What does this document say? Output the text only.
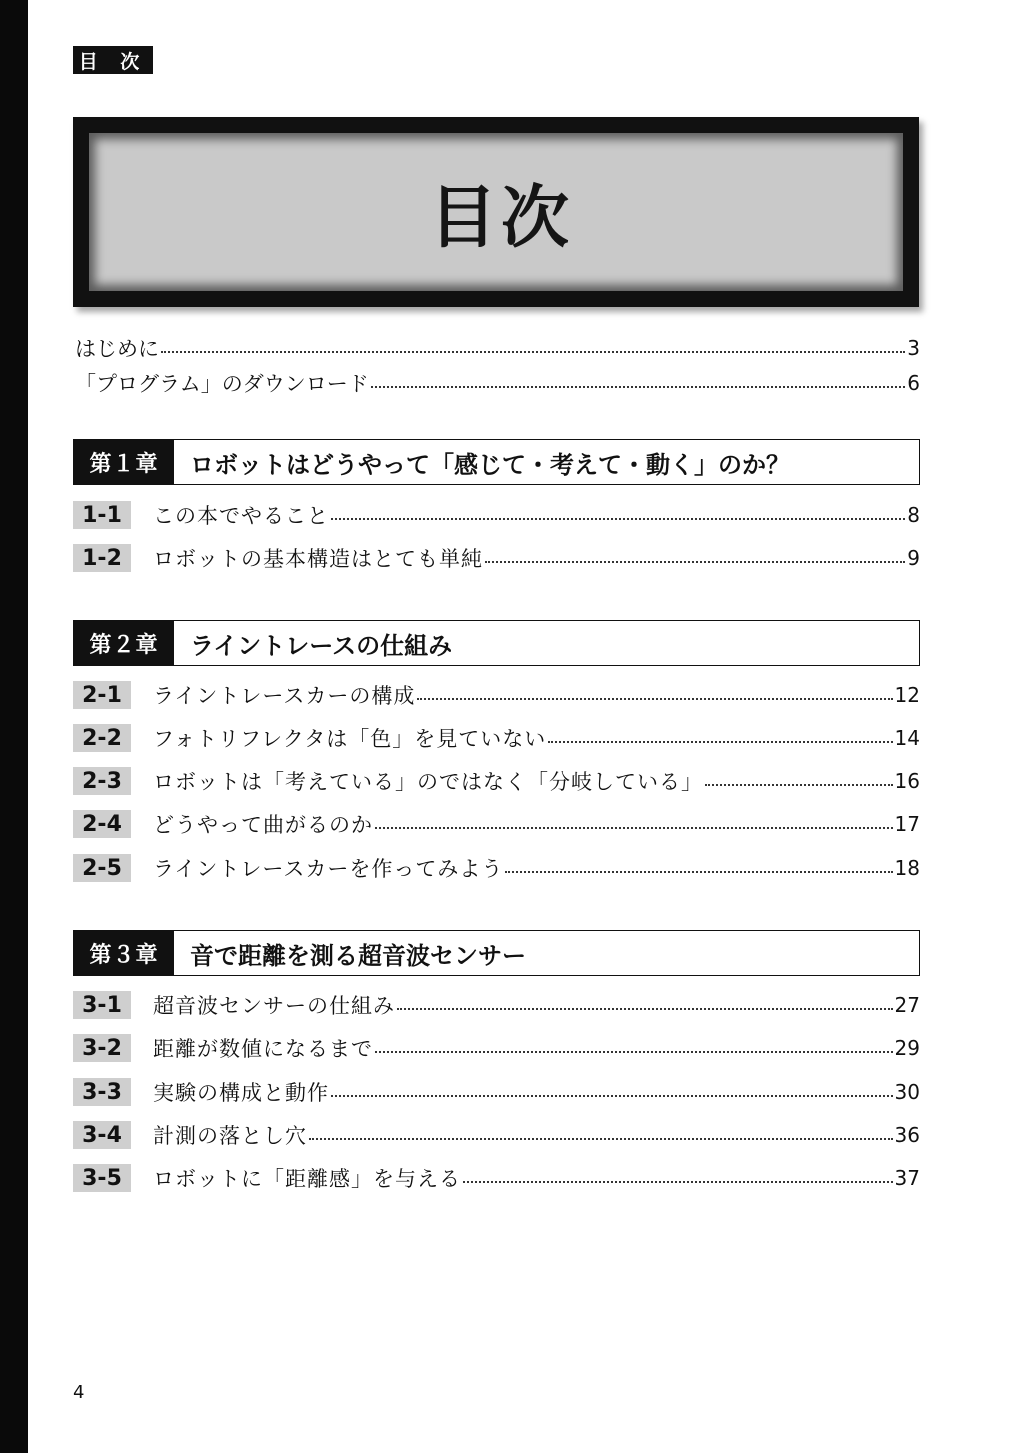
目 次
目次
はじめに	3
「プログラム」のダウンロード	6
第１章	ロボットはどうやって「感じて・考えて・動く」のか？
1-1	この本でやること	8
1-2	ロボットの基本構造はとても単純	9
第２章	ライントレースの仕組み
2-1	ライントレースカーの構成	12
2-2	フォトリフレクタは「色」を見ていない	14
2-3	ロボットは「考えている」のではなく「分岐している」	16
2-4	どうやって曲がるのか	17
2-5	ライントレースカーを作ってみよう	18
第３章	音で距離を測る超音波センサー
3-1	超音波センサーの仕組み	27
3-2	距離が数値になるまで	29
3-3	実験の構成と動作	30
3-4	計測の落とし穴	36
3-5	ロボットに「距離感」を与える	37
4
